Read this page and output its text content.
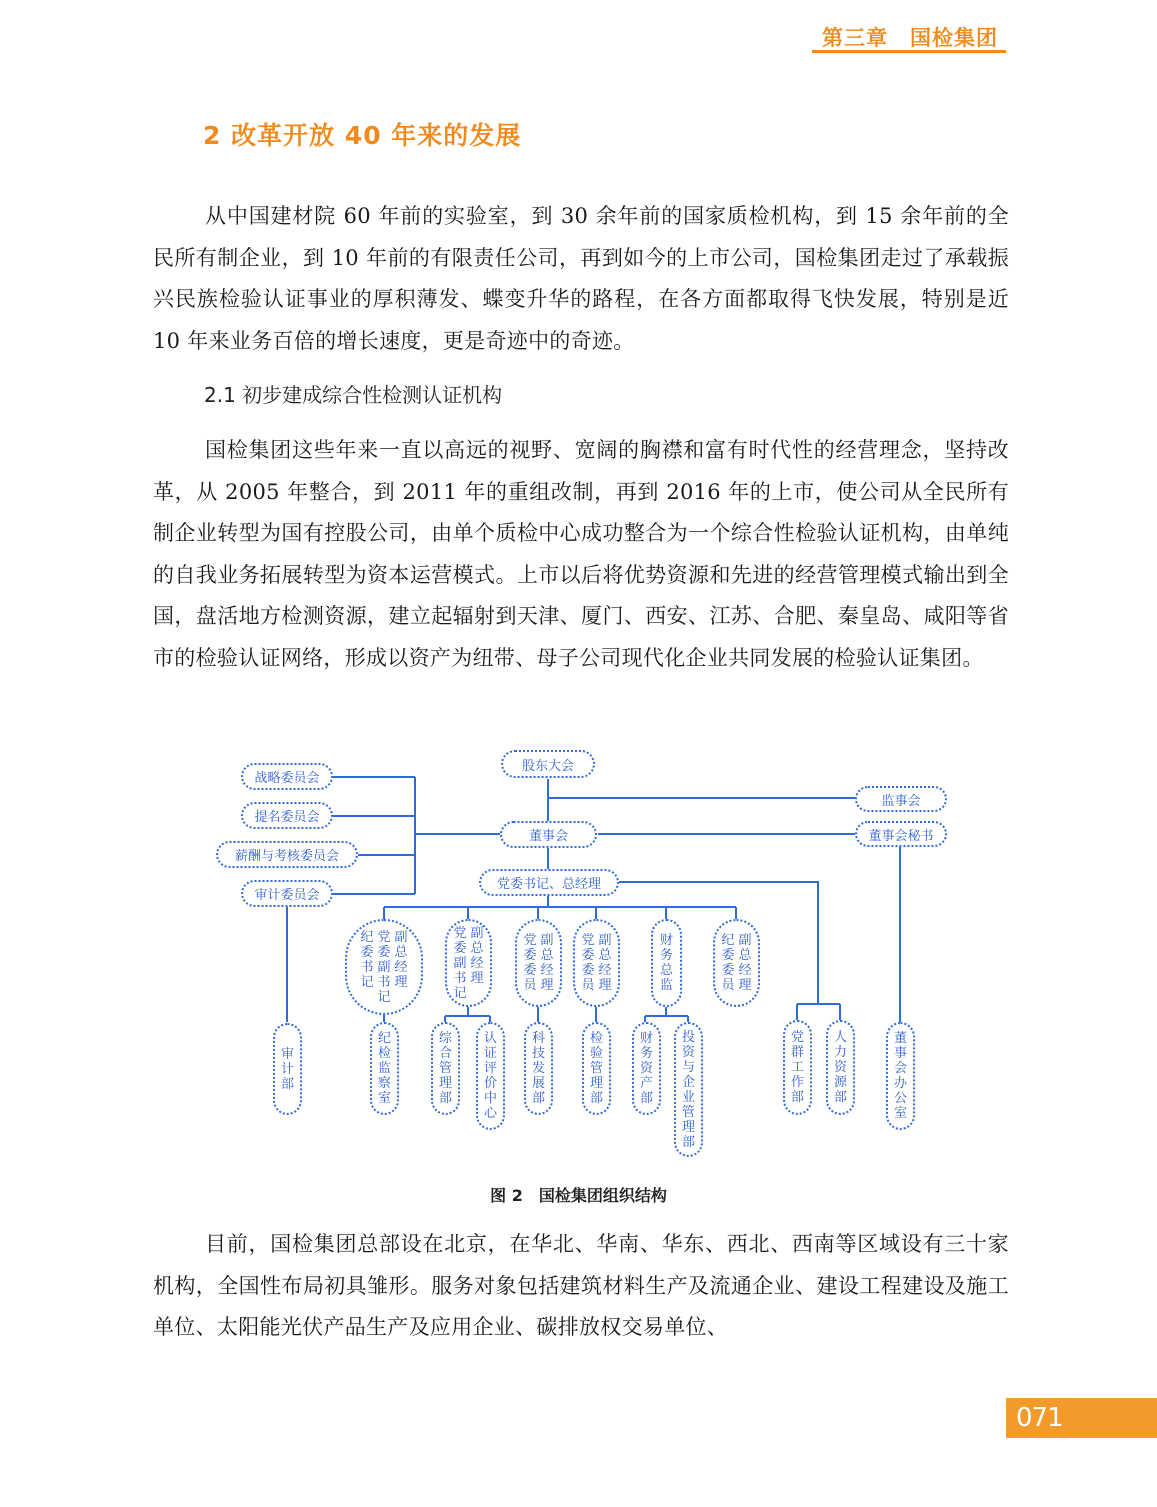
第三章　国检集团
2 改革开放 40 年来的发展

从中国建材院 60 年前的实验室，到 30 余年前的国家质检机构，到 15 余年前的全民所有制企业，到 10 年前的有限责任公司，再到如今的上市公司，国检集团走过了承载振兴民族检验认证事业的厚积薄发、蝶变升华的路程，在各方面都取得飞快发展，特别是近 10 年来业务百倍的增长速度，更是奇迹中的奇迹。

2.1 初步建成综合性检测认证机构

国检集团这些年来一直以高远的视野、宽阔的胸襟和富有时代性的经营理念，坚持改革，从 2005 年整合，到 2011 年的重组改制，再到 2016 年的上市，使公司从全民所有制企业转型为国有控股公司，由单个质检中心成功整合为一个综合性检验认证机构，由单纯的自我业务拓展转型为资本运营模式。上市以后将优势资源和先进的经营管理模式输出到全国，盘活地方检测资源，建立起辐射到天津、厦门、西安、江苏、合肥、秦皇岛、咸阳等省市的检验认证网络，形成以资产为纽带、母子公司现代化企业共同发展的检验认证集团。

股东大会
董事会
监事会
董事会秘书
党委书记、总经理
战略委员会
提名委员会
薪酬与考核委员会
审计委员会
审计部
副总经理
党委副书记
纪委书记
副总经理
党委副书记
副总经理
党委委员
副总经理
党委委员
财务总监
副总经理
纪委委员
纪检监察室
综合管理部
认证评价中心
科技发展部
检验管理部
财务资产部
投资与企业管理部
党群工作部
人力资源部
董事会办公室
图 2　国检集团组织结构

目前，国检集团总部设在北京，在华北、华南、华东、西北、西南等区域设有三十家机构，全国性布局初具雏形。服务对象包括建筑材料生产及流通企业、建设工程建设及施工单位、太阳能光伏产品生产及应用企业、碳排放权交易单位、

071
